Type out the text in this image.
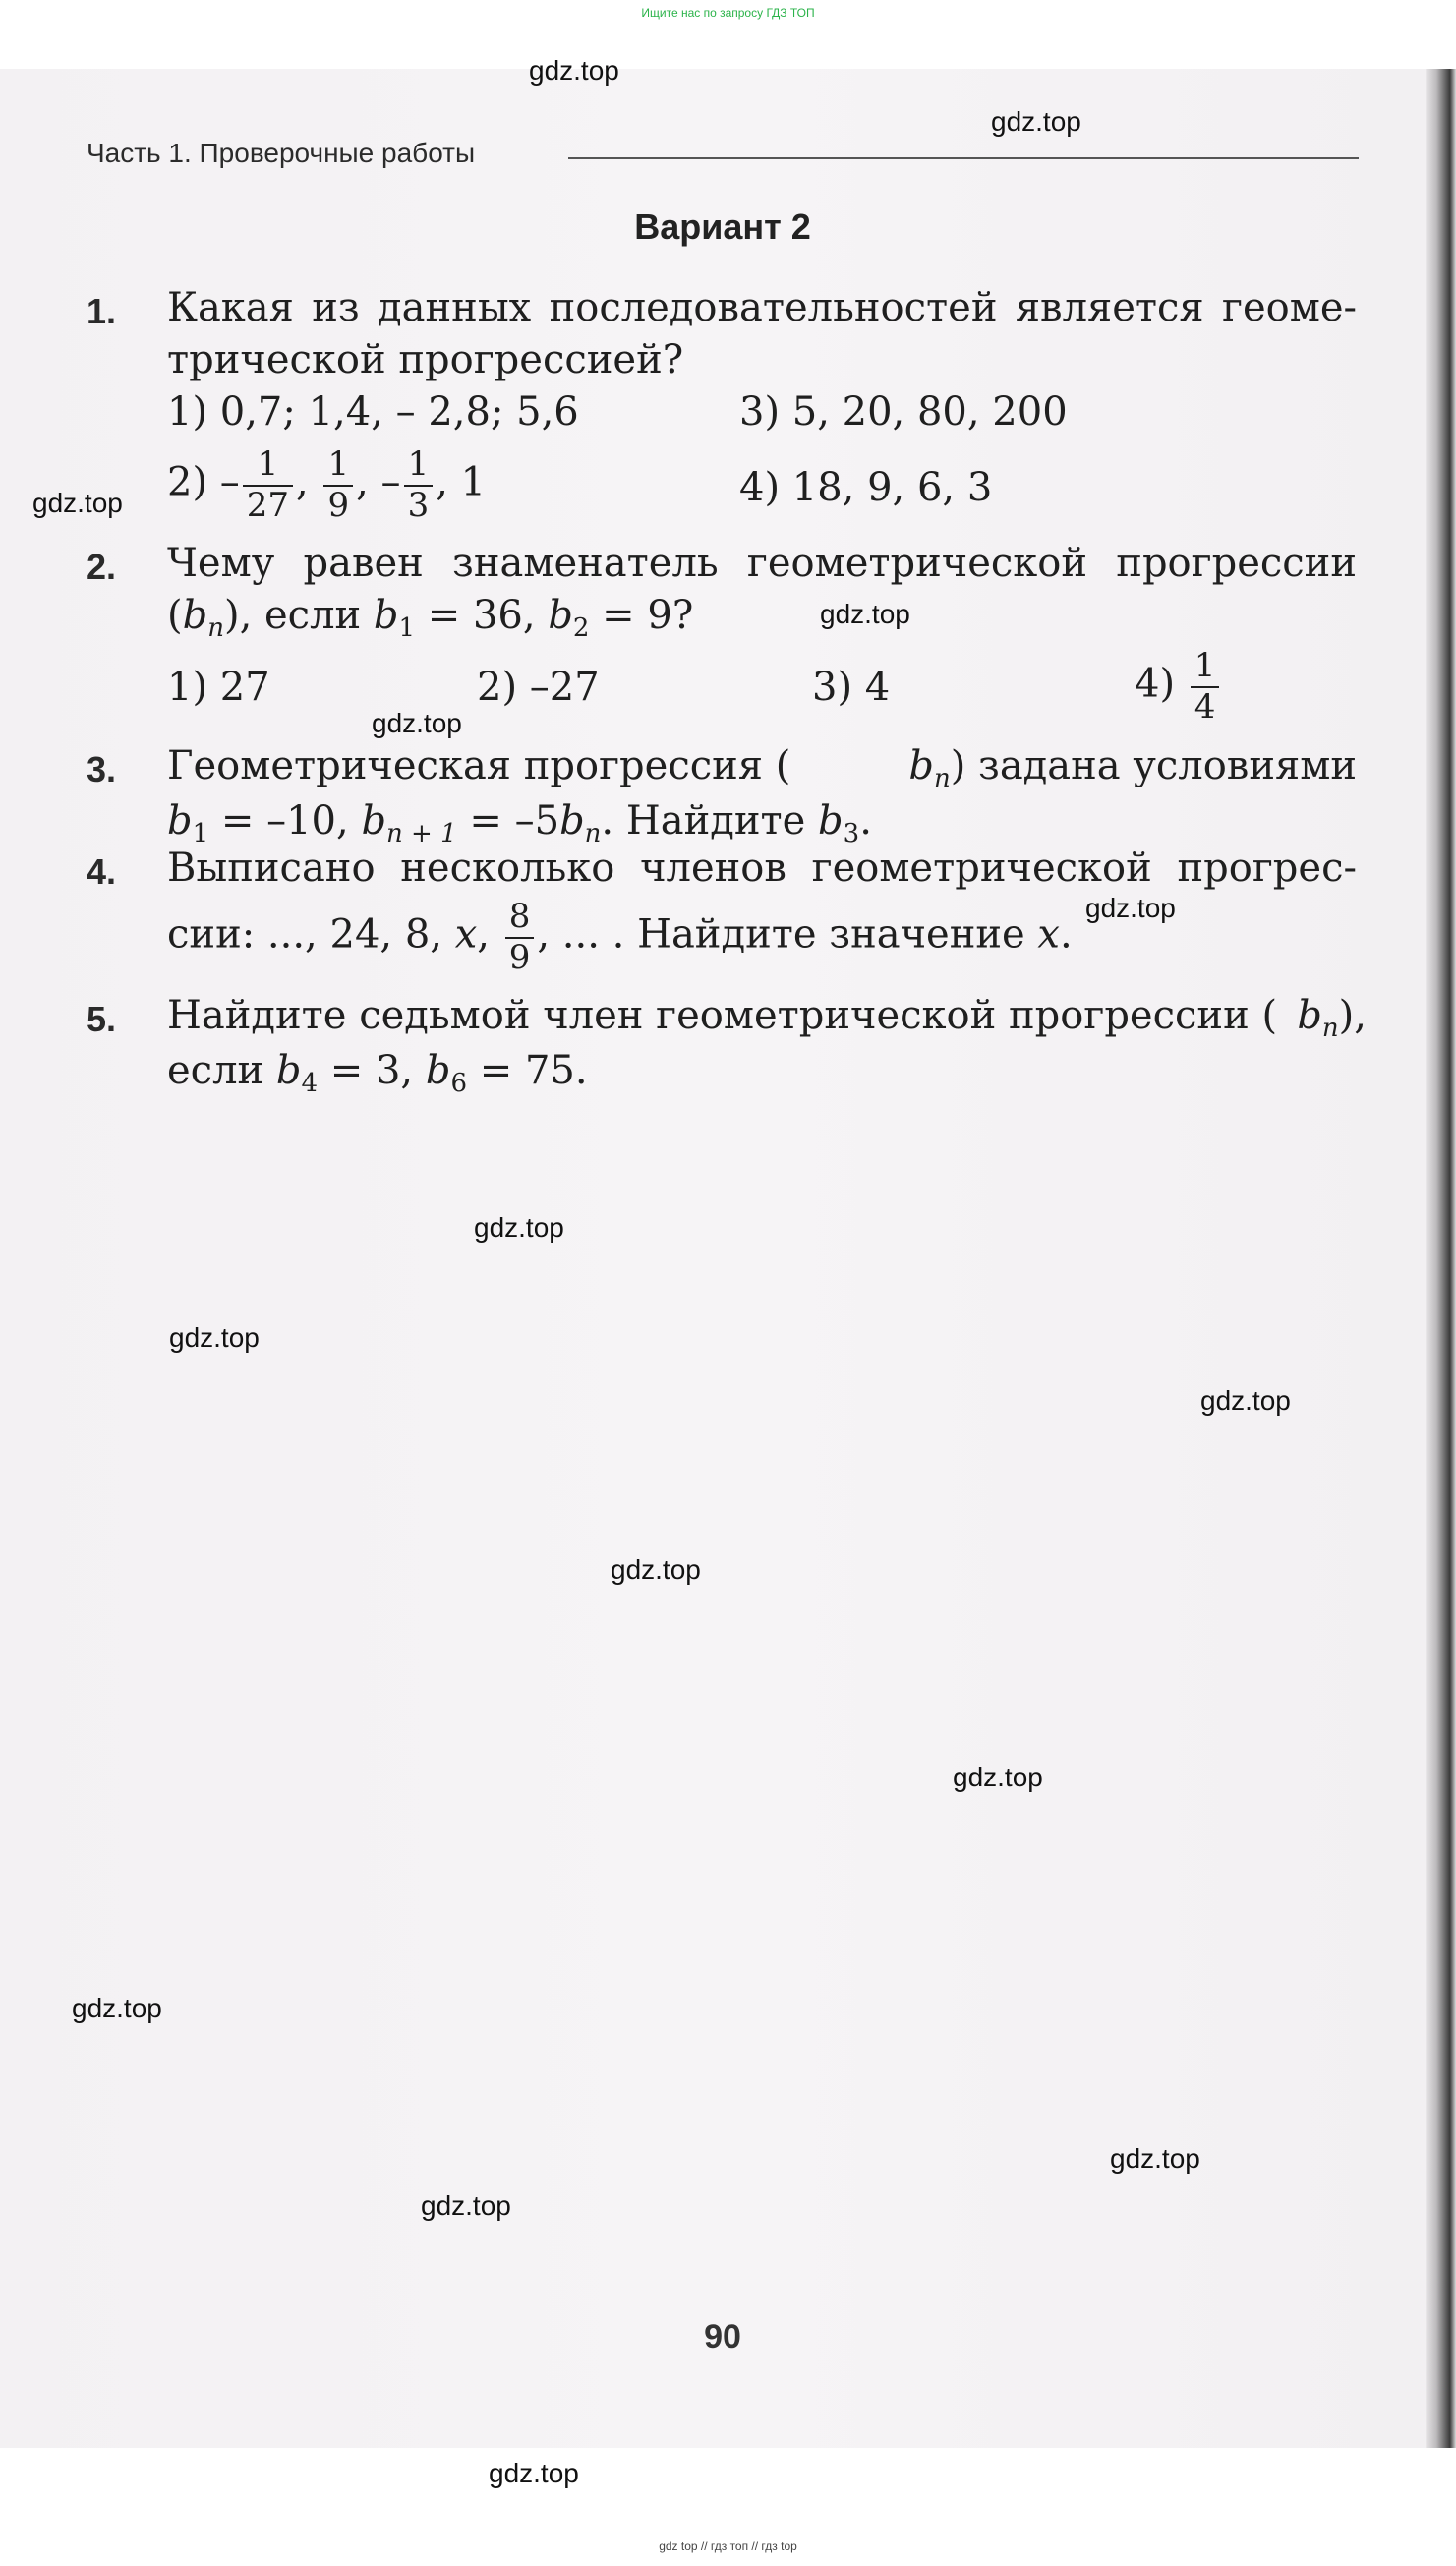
Ищите нас по запросу ГДЗ ТОП
Часть 1. Проверочные работы
Вариант 2
1. Какая из данных последовательностей является геоме-
трической прогрессией?
1) 0,7; 1,4, – 2,8; 5,6	3) 5, 20, 80, 200
$2) - \frac{1}{27}$ , $\frac{1}{9}$ , – $\frac{1}{3}$ , 1	4) 18, 9, 6, 3
2. Чему равен знаменатель геометрической прогрессии
$(b_n)$, если $b_1 = 36$, $b_2 = 9$?
1) 27	2) –27	3) 4	$4) \frac{1}{4}$
3. Геометрическая прогрессия (	$b_n$) задана условиями
$b_1 = -10$, $b_{n + 1} = -5b_n$. Найдите $b_3$.
4. Выписано несколько членов геометрической прогрес-
сии: ..., 24, 8, x, $\frac{8}{9}$ , ... . Найдите значение x.
5. Найдите седьмой член геометрической прогрессии ( $b_n$),
если $b_4 = 3$, $b_6 = 75$.
gdz.top
gdz.top
gdz.top
gdz.top
gdz.top
gdz.top
gdz.top
gdz.top
gdz.top
gdz.top
gdz.top
gdz.top
gdz.top
gdz.top
gdz.top
90
gdz top // гдз топ // гдз top
